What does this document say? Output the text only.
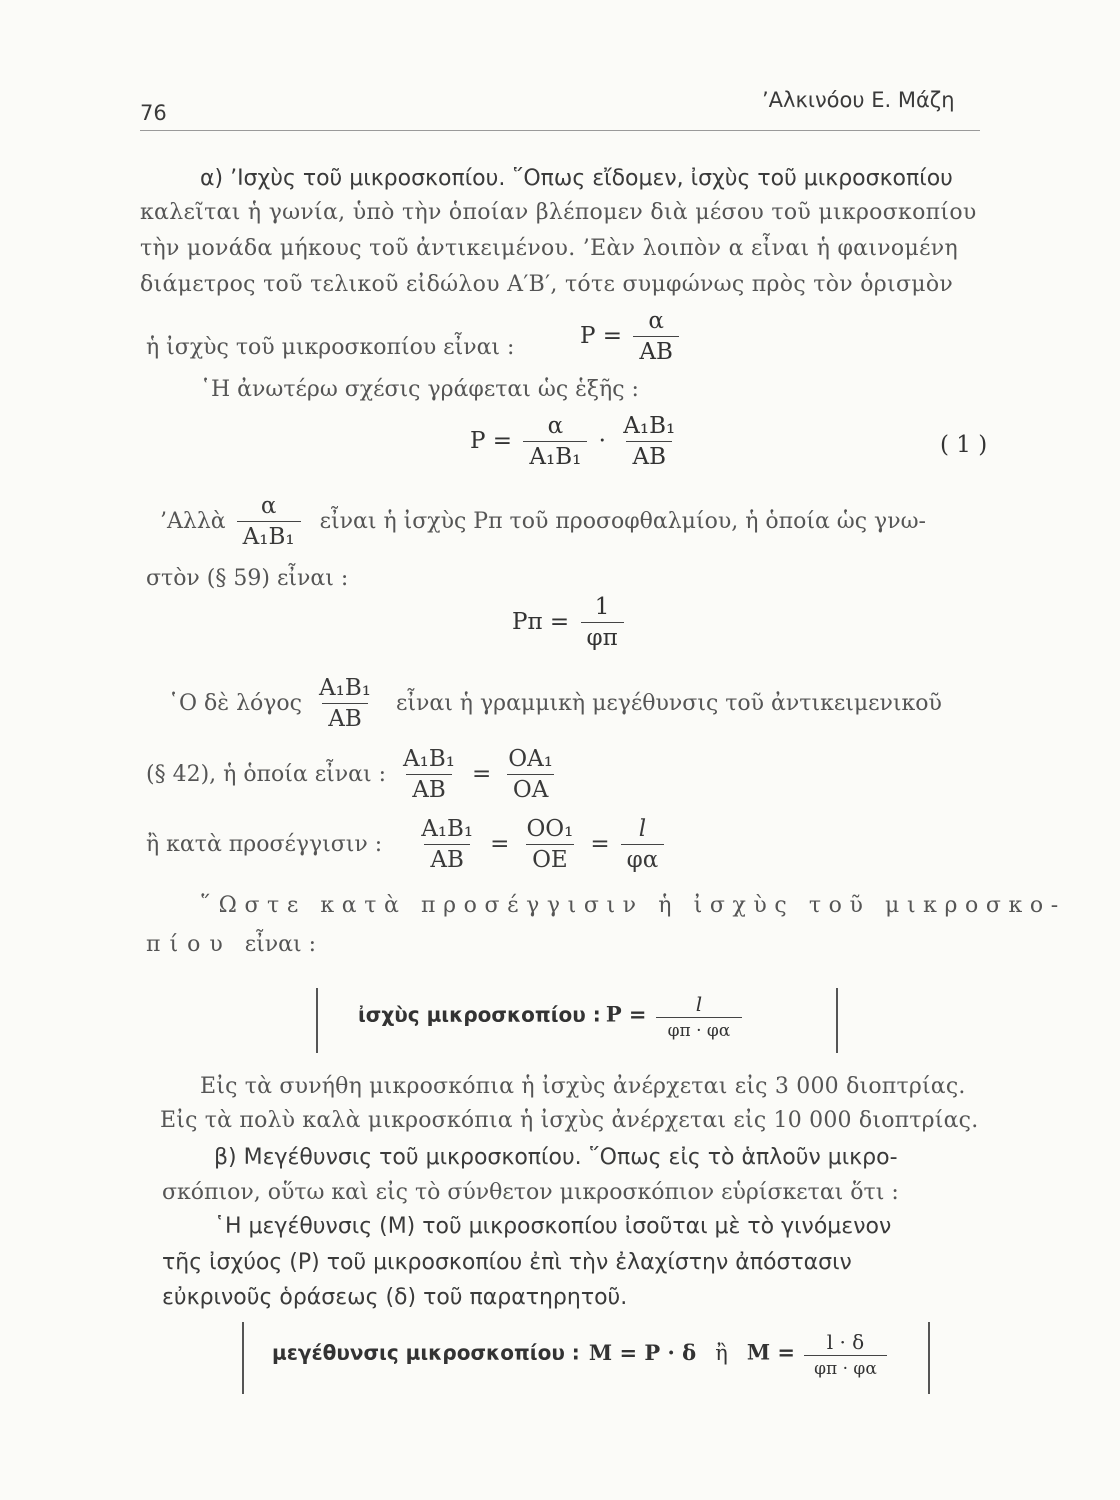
76
’Αλκινόου Ε. Μάζη
α) ’Ισχὺς τοῦ μικροσκοπίου. ῞Οπως εἴδομεν, ἰσχὺς τοῦ μικροσκοπίου
καλεῖται ἡ γωνία, ὑπὸ τὴν ὁποίαν βλέπομεν διὰ μέσου τοῦ μικροσκοπίου
τὴν μονάδα μήκους τοῦ ἀντικειμένου. ’Εὰν λοιπὸν α εἶναι ἡ φαινομένη
διάμετρος τοῦ τελικοῦ εἰδώλου Α′Β′, τότε συμφώνως πρὸς τὸν ὁρισμὸν
ἡ ἰσχὺς τοῦ μικροσκοπίου εἶναι :	$P = \frac{\alpha}{AB}$
῾Η ἀνωτέρω σχέσις γράφεται ὡς ἑξῆς :
$P = \frac{\alpha}{\text{A₁B₁}} \cdot \frac{\text{A₁B₁}}{AB}$	( 1 )
’Αλλὰ $\frac{\alpha}{\text{A₁B₁}}$ εἶναι ἡ ἰσχὺς Pπ τοῦ προσοφθαλμίου, ἡ ὁποία ὡς γνω-
στὸν (§ 59) εἶναι :
$P\pi = \frac{1}{\varphi\pi}$
῾Ο δὲ λόγος $\frac{\text{A₁B₁}}{AB}$ εἶναι ἡ γραμμικὴ μεγέθυνσις τοῦ ἀντικειμενικοῦ
(§ 42), ἡ ὁποία εἶναι : $\frac{\text{A₁B₁}}{AB} = \frac{\text{OA₁}}{OA}$
ἢ κατὰ προσέγγισιν : $\frac{\text{A₁B₁}}{AB} = \frac{\text{OO₁}}{OE} = \frac{l}{\varphi\alpha}$
῞Ωστε κατὰ προσέγγισιν ἡ ἰσχὺς τοῦ μικροσκο-
πίου εἶναι :
ἰσχὺς μικροσκοπίου : $P = \frac{l}{\varphi\pi \cdot \varphi\alpha}$
Εἰς τὰ συνήθη μικροσκόπια ἡ ἰσχὺς ἀνέρχεται εἰς 3 000 διοπτρίας.
Εἰς τὰ πολὺ καλὰ μικροσκόπια ἡ ἰσχὺς ἀνέρχεται εἰς 10 000 διοπτρίας.
β) Μεγέθυνσις τοῦ μικροσκοπίου. ῞Οπως εἰς τὸ ἁπλοῦν μικρο-
σκόπιον, οὕτω καὶ εἰς τὸ σύνθετον μικροσκόπιον εὑρίσκεται ὅτι :
῾Η μεγέθυνσις (Μ) τοῦ μικροσκοπίου ἰσοῦται μὲ τὸ γινόμενον
τῆς ἰσχύος (Ρ) τοῦ μικροσκοπίου ἐπὶ τὴν ἐλαχίστην ἀπόστασιν
εὐκρινοῦς ὁράσεως (δ) τοῦ παρατηρητοῦ.
μεγέθυνσις μικροσκοπίου : M = P · δ ἢ $M = \frac{l \cdot \delta}{\varphi\pi \cdot \varphi\alpha}$
